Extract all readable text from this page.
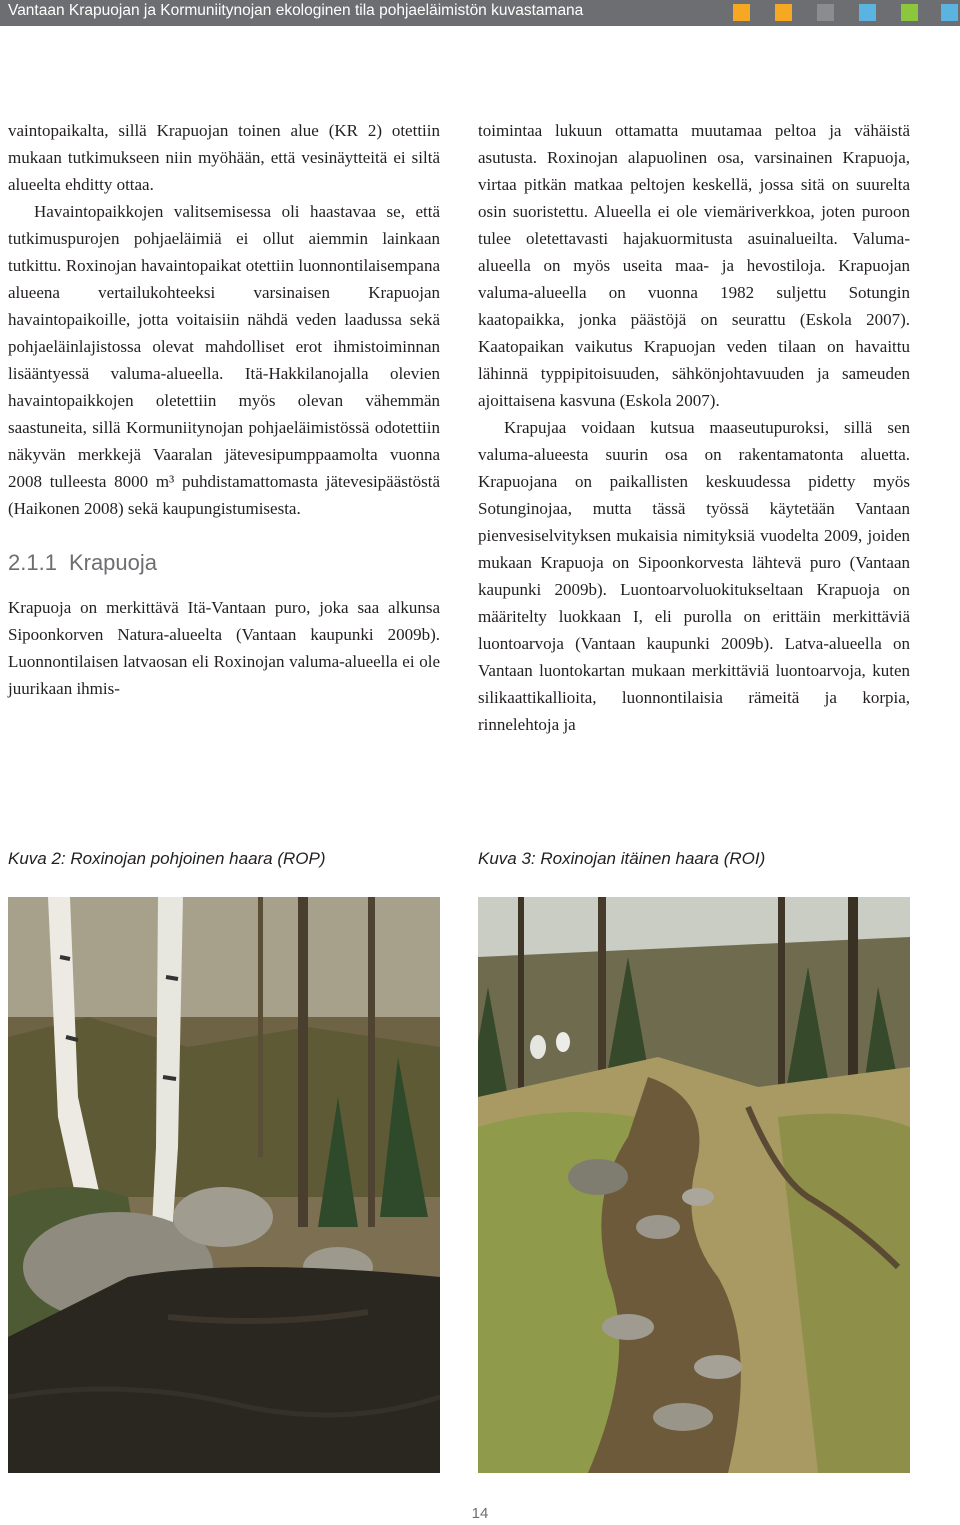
Vantaan Krapuojan ja Kormuniitynojan ekologinen tila pohjaeläimistön kuvastamana

vaintopaikalta, sillä Krapuojan toinen alue (KR 2) otettiin mukaan tutkimukseen niin myöhään, että vesinäytteitä ei siltä alueelta ehditty ottaa.

Havaintopaikkojen valitsemisessa oli haastavaa se, että tutkimuspurojen pohjaeläimiä ei ollut aiemmin lainkaan tutkittu. Roxinojan havaintopaikat otettiin luonnontilaisempana alueena vertailukohteeksi varsinaisen Krapuojan havaintopaikoille, jotta voitaisiin nähdä veden laadussa sekä pohjaeläinlajistossa olevat mahdolliset erot ihmistoiminnan lisääntyessä valuma-alueella. Itä-Hakkilanojalla olevien havaintopaikkojen oletettiin myös olevan vähemmän saastuneita, sillä Kormuniitynojan pohjaeläimistössä odotettiin näkyvän merkkejä Vaaralan jätevesipumppaamolta vuonna 2008 tulleesta 8000 m³ puhdistamattomasta jätevesipäästöstä (Haikonen 2008) sekä kaupungistumisesta.

2.1.1 Krapuoja

Krapuoja on merkittävä Itä-Vantaan puro, joka saa alkunsa Sipoonkorven Natura-alueelta (Vantaan kaupunki 2009b). Luonnontilaisen latvaosan eli Roxinojan valuma-alueella ei ole juurikaan ihmis-

toimintaa lukuun ottamatta muutamaa peltoa ja vähäistä asutusta. Roxinojan alapuolinen osa, varsinainen Krapuoja, virtaa pitkän matkaa peltojen keskellä, jossa sitä on suurelta osin suoristettu. Alueella ei ole viemäriverkkoa, joten puroon tulee oletettavasti hajakuormitusta asuinalueilta. Valuma-alueella on myös useita maa- ja hevostiloja. Krapuojan valuma-alueella on vuonna 1982 suljettu Sotungin kaatopaikka, jonka päästöjä on seurattu (Eskola 2007). Kaatopaikan vaikutus Krapuojan veden tilaan on havaittu lähinnä typpipitoisuuden, sähkönjohtavuuden ja sameuden ajoittaisena kasvuna (Eskola 2007).

Krapujaa voidaan kutsua maaseutupuroksi, sillä sen valuma-alueesta suurin osa on rakentamatonta aluetta. Krapuojana on paikallisten keskuudessa pidetty myös Sotunginojaa, mutta tässä työssä käytetään Vantaan pienvesiselvityksen mukaisia nimityksiä vuodelta 2009, joiden mukaan Krapuoja on Sipoonkorvesta lähtevä puro (Vantaan kaupunki 2009b). Luontoarvoluokitukseltaan Krapuoja on määritelty luokkaan I, eli purolla on erittäin merkittäviä luontoarvoja (Vantaan kaupunki 2009b). Latva-alueella on Vantaan luontokartan mukaan merkittäviä luontoarvoja, kuten silikaattikallioita, luonnontilaisia rämeitä ja korpia, rinnelehtoja ja

Kuva 2: Roxinojan pohjoinen haara (ROP)	Kuva 3: Roxinojan itäinen haara (ROI)
14
